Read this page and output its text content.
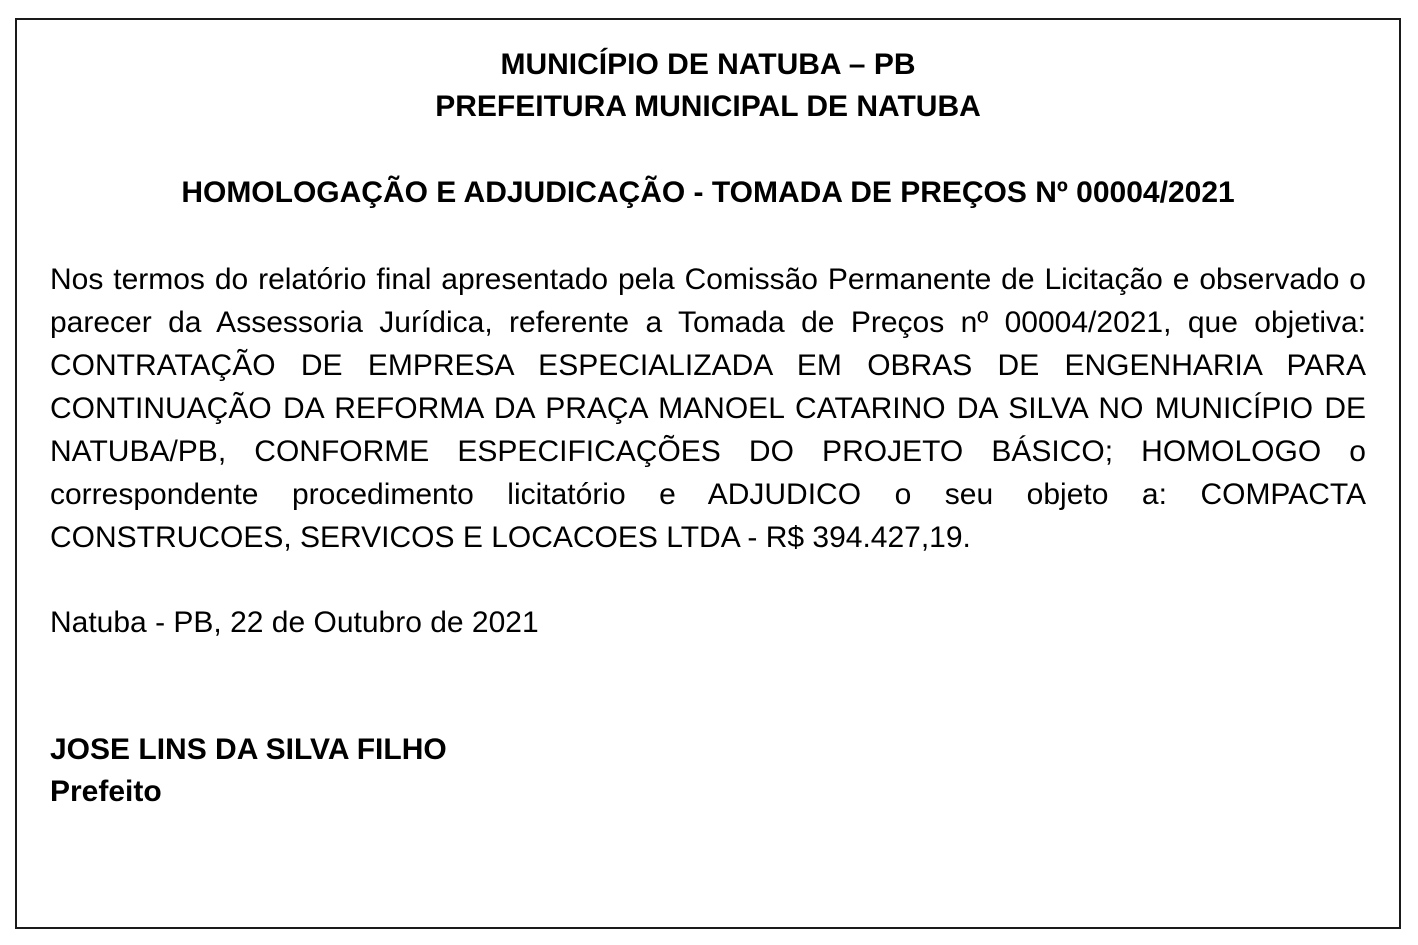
MUNICÍPIO DE NATUBA – PB
PREFEITURA MUNICIPAL DE NATUBA
HOMOLOGAÇÃO E ADJUDICAÇÃO - TOMADA DE PREÇOS Nº 00004/2021
Nos termos do relatório final apresentado pela Comissão Permanente de Licitação e observado o parecer da Assessoria Jurídica, referente a Tomada de Preços nº 00004/2021, que objetiva: CONTRATAÇÃO DE EMPRESA ESPECIALIZADA EM OBRAS DE ENGENHARIA PARA CONTINUAÇÃO DA REFORMA DA PRAÇA MANOEL CATARINO DA SILVA NO MUNICÍPIO DE NATUBA/PB, CONFORME ESPECIFICAÇÕES DO PROJETO BÁSICO; HOMOLOGO o correspondente procedimento licitatório e ADJUDICO o seu objeto a: COMPACTA CONSTRUCOES, SERVICOS E LOCACOES LTDA - R$ 394.427,19.
Natuba - PB, 22 de Outubro de 2021
JOSE LINS DA SILVA FILHO
Prefeito
